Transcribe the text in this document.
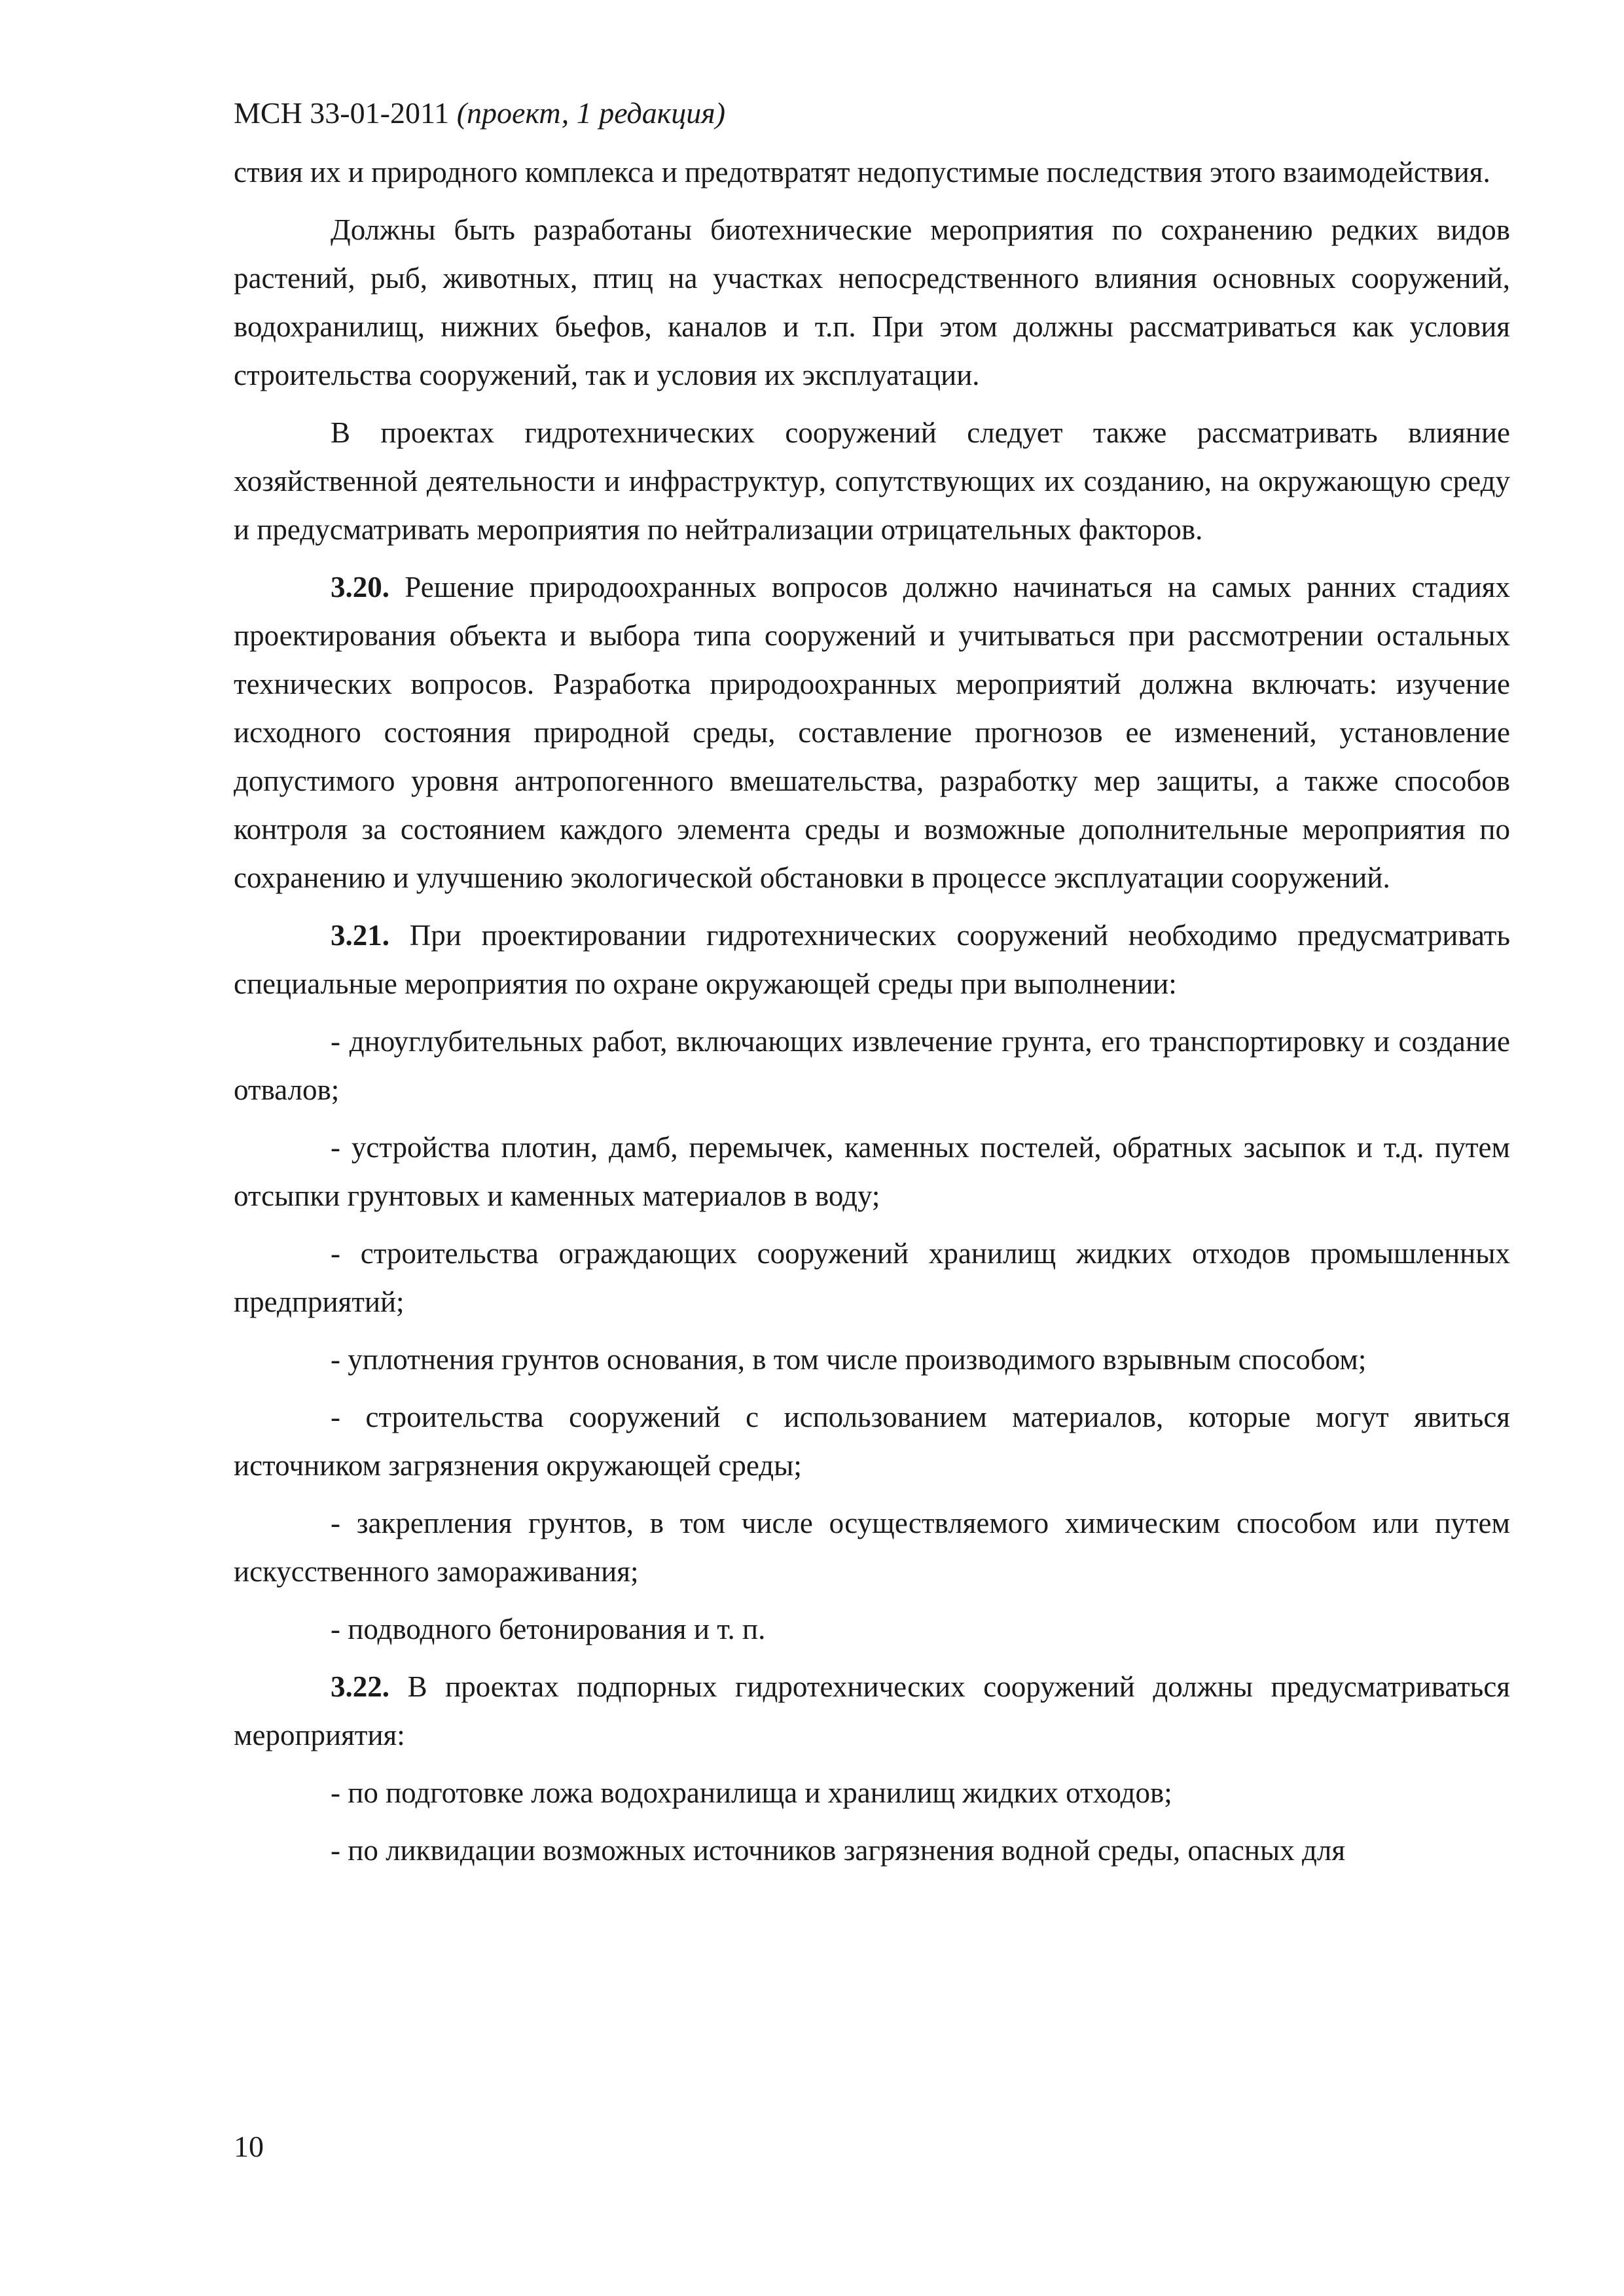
МСН 33-01-2011 (проект, 1 редакция)

ствия их и природного комплекса и предотвратят недопустимые последствия этого взаимодействия.

Должны быть разработаны биотехнические мероприятия по сохранению редких видов растений, рыб, животных, птиц на участках непосредственного влияния основных сооружений, водохранилищ, нижних бьефов, каналов и т.п. При этом должны рассматриваться как условия строительства сооружений, так и условия их эксплуатации.

В проектах гидротехнических сооружений следует также рассматривать влияние хозяйственной деятельности и инфраструктур, сопутствующих их созданию, на окружающую среду и предусматривать мероприятия по нейтрализации отрицательных факторов.

3.20. Решение природоохранных вопросов должно начинаться на самых ранних стадиях проектирования объекта и выбора типа сооружений и учитываться при рассмотрении остальных технических вопросов. Разработка природоохранных мероприятий должна включать: изучение исходного состояния природной среды, составление прогнозов ее изменений, установление допустимого уровня антропогенного вмешательства, разработку мер защиты, а также способов контроля за состоянием каждого элемента среды и возможные дополнительные мероприятия по сохранению и улучшению экологической обстановки в процессе эксплуатации сооружений.

3.21. При проектировании гидротехнических сооружений необходимо предусматривать специальные мероприятия по охране окружающей среды при выполнении:

- дноуглубительных работ, включающих извлечение грунта, его транспортировку и создание отвалов;

- устройства плотин, дамб, перемычек, каменных постелей, обратных засыпок и т.д. путем отсыпки грунтовых и каменных материалов в воду;

- строительства ограждающих сооружений хранилищ жидких отходов промышленных предприятий;

- уплотнения грунтов основания, в том числе производимого взрывным способом;

- строительства сооружений с использованием материалов, которые могут явиться источником загрязнения окружающей среды;

- закрепления грунтов, в том числе осуществляемого химическим способом или путем искусственного замораживания;

- подводного бетонирования и т. п.

3.22. В проектах подпорных гидротехнических сооружений должны предусматриваться мероприятия:

- по подготовке ложа водохранилища и хранилищ жидких отходов;

- по ликвидации возможных источников загрязнения водной среды, опасных для

10
